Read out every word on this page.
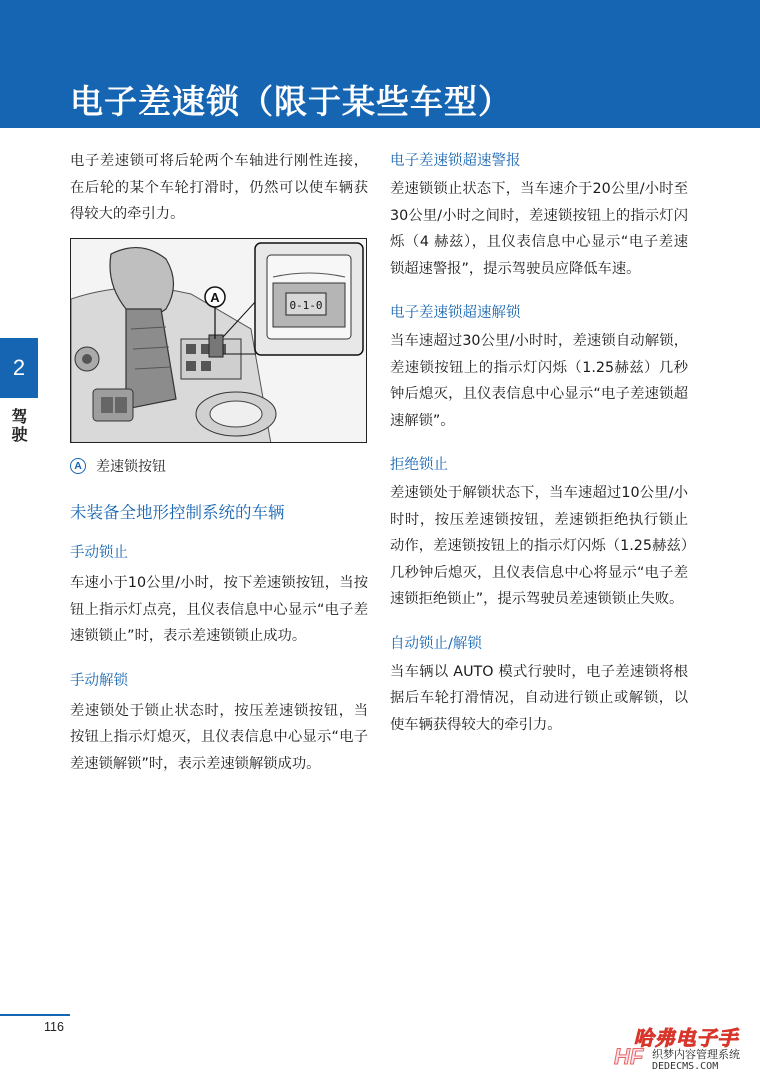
电子差速锁（限于某些车型）
2
驾驶

电子差速锁可将后轮两个车轴进行刚性连接，在后轮的某个车轮打滑时，仍然可以使车辆获得较大的牵引力。

A
0-1-0
A	差速锁按钮
未装备全地形控制系统的车辆
手动锁止

车速小于10公里/小时，按下差速锁按钮，当按钮上指示灯点亮，且仪表信息中心显示“电子差速锁锁止”时，表示差速锁锁止成功。

手动解锁

差速锁处于锁止状态时，按压差速锁按钮，当按钮上指示灯熄灭，且仪表信息中心显示“电子差速锁解锁”时，表示差速锁解锁成功。

电子差速锁超速警报

差速锁锁止状态下，当车速介于20公里/小时至30公里/小时之间时，差速锁按钮上的指示灯闪烁（4 赫兹），且仪表信息中心显示“电子差速锁超速警报”，提示驾驶员应降低车速。

电子差速锁超速解锁

当车速超过30公里/小时时，差速锁自动解锁，差速锁按钮上的指示灯闪烁（1.25赫兹）几秒钟后熄灭，且仪表信息中心显示“电子差速锁超速解锁”。

拒绝锁止

差速锁处于解锁状态下，当车速超过10公里/小时时，按压差速锁按钮，差速锁拒绝执行锁止动作，差速锁按钮上的指示灯闪烁（1.25赫兹）几秒钟后熄灭，且仪表信息中心将显示“电子差速锁拒绝锁止”，提示驾驶员差速锁锁止失败。

自动锁止/解锁

当车辆以 AUTO 模式行驶时，电子差速锁将根据后车轮打滑情况，自动进行锁止或解锁，以使车辆获得较大的牵引力。

116	哈弗电子手
HF 织梦内容管理系统
DEDECMS.COM
